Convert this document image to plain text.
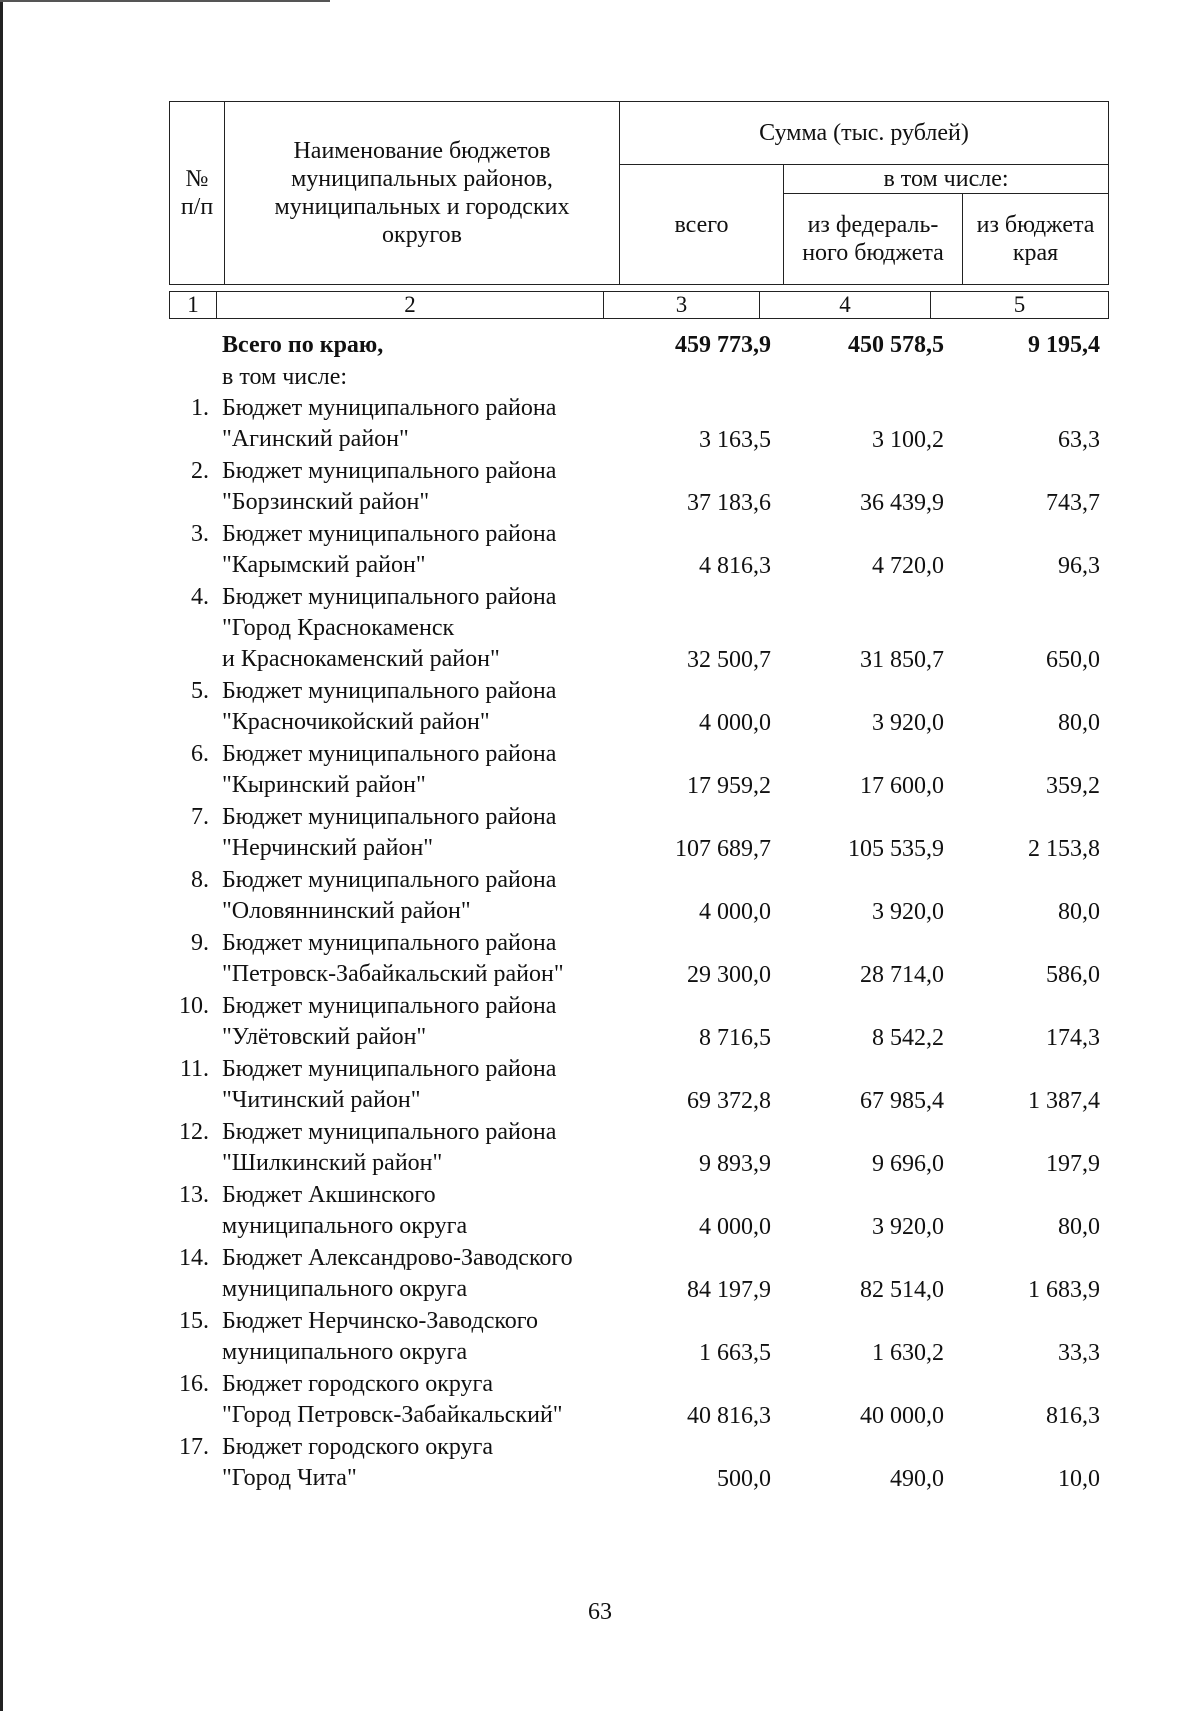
№
п/п	Наименование бюджетов
муниципальных районов,
муниципальных и городских
округов	Сумма (тыс. рублей)		
		всего	в том числе:	
			из федераль-
ного бюджета	из бюджета
края
1	2	3	4	5
Всего по краю,	459 773,9	450 578,5	9 195,4
в том числе:
1. Бюджет муниципального района
"Агинский район"	3 163,5	3 100,2	63,3
2. Бюджет муниципального района
"Борзинский район"	37 183,6	36 439,9	743,7
3. Бюджет муниципального района
"Карымский район"	4 816,3	4 720,0	96,3
4. Бюджет муниципального района
"Город Краснокаменск
и Краснокаменский район"	32 500,7	31 850,7	650,0
5. Бюджет муниципального района
"Красночикойский район"	4 000,0	3 920,0	80,0
6. Бюджет муниципального района
"Кыринский район"	17 959,2	17 600,0	359,2
7. Бюджет муниципального района
"Нерчинский район"	107 689,7	105 535,9	2 153,8
8. Бюджет муниципального района
"Оловяннинский район"	4 000,0	3 920,0	80,0
9. Бюджет муниципального района
"Петровск-Забайкальский район"	29 300,0	28 714,0	586,0
10. Бюджет муниципального района
"Улётовский район"	8 716,5	8 542,2	174,3
11. Бюджет муниципального района
"Читинский район"	69 372,8	67 985,4	1 387,4
12. Бюджет муниципального района
"Шилкинский район"	9 893,9	9 696,0	197,9
13. Бюджет Акшинского
муниципального округа	4 000,0	3 920,0	80,0
14. Бюджет Александрово-Заводского
муниципального округа	84 197,9	82 514,0	1 683,9
15. Бюджет Нерчинско-Заводского
муниципального округа	1 663,5	1 630,2	33,3
16. Бюджет городского округа
"Город Петровск-Забайкальский"	40 816,3	40 000,0	816,3
17. Бюджет городского округа
"Город Чита"	500,0	490,0	10,0
63
